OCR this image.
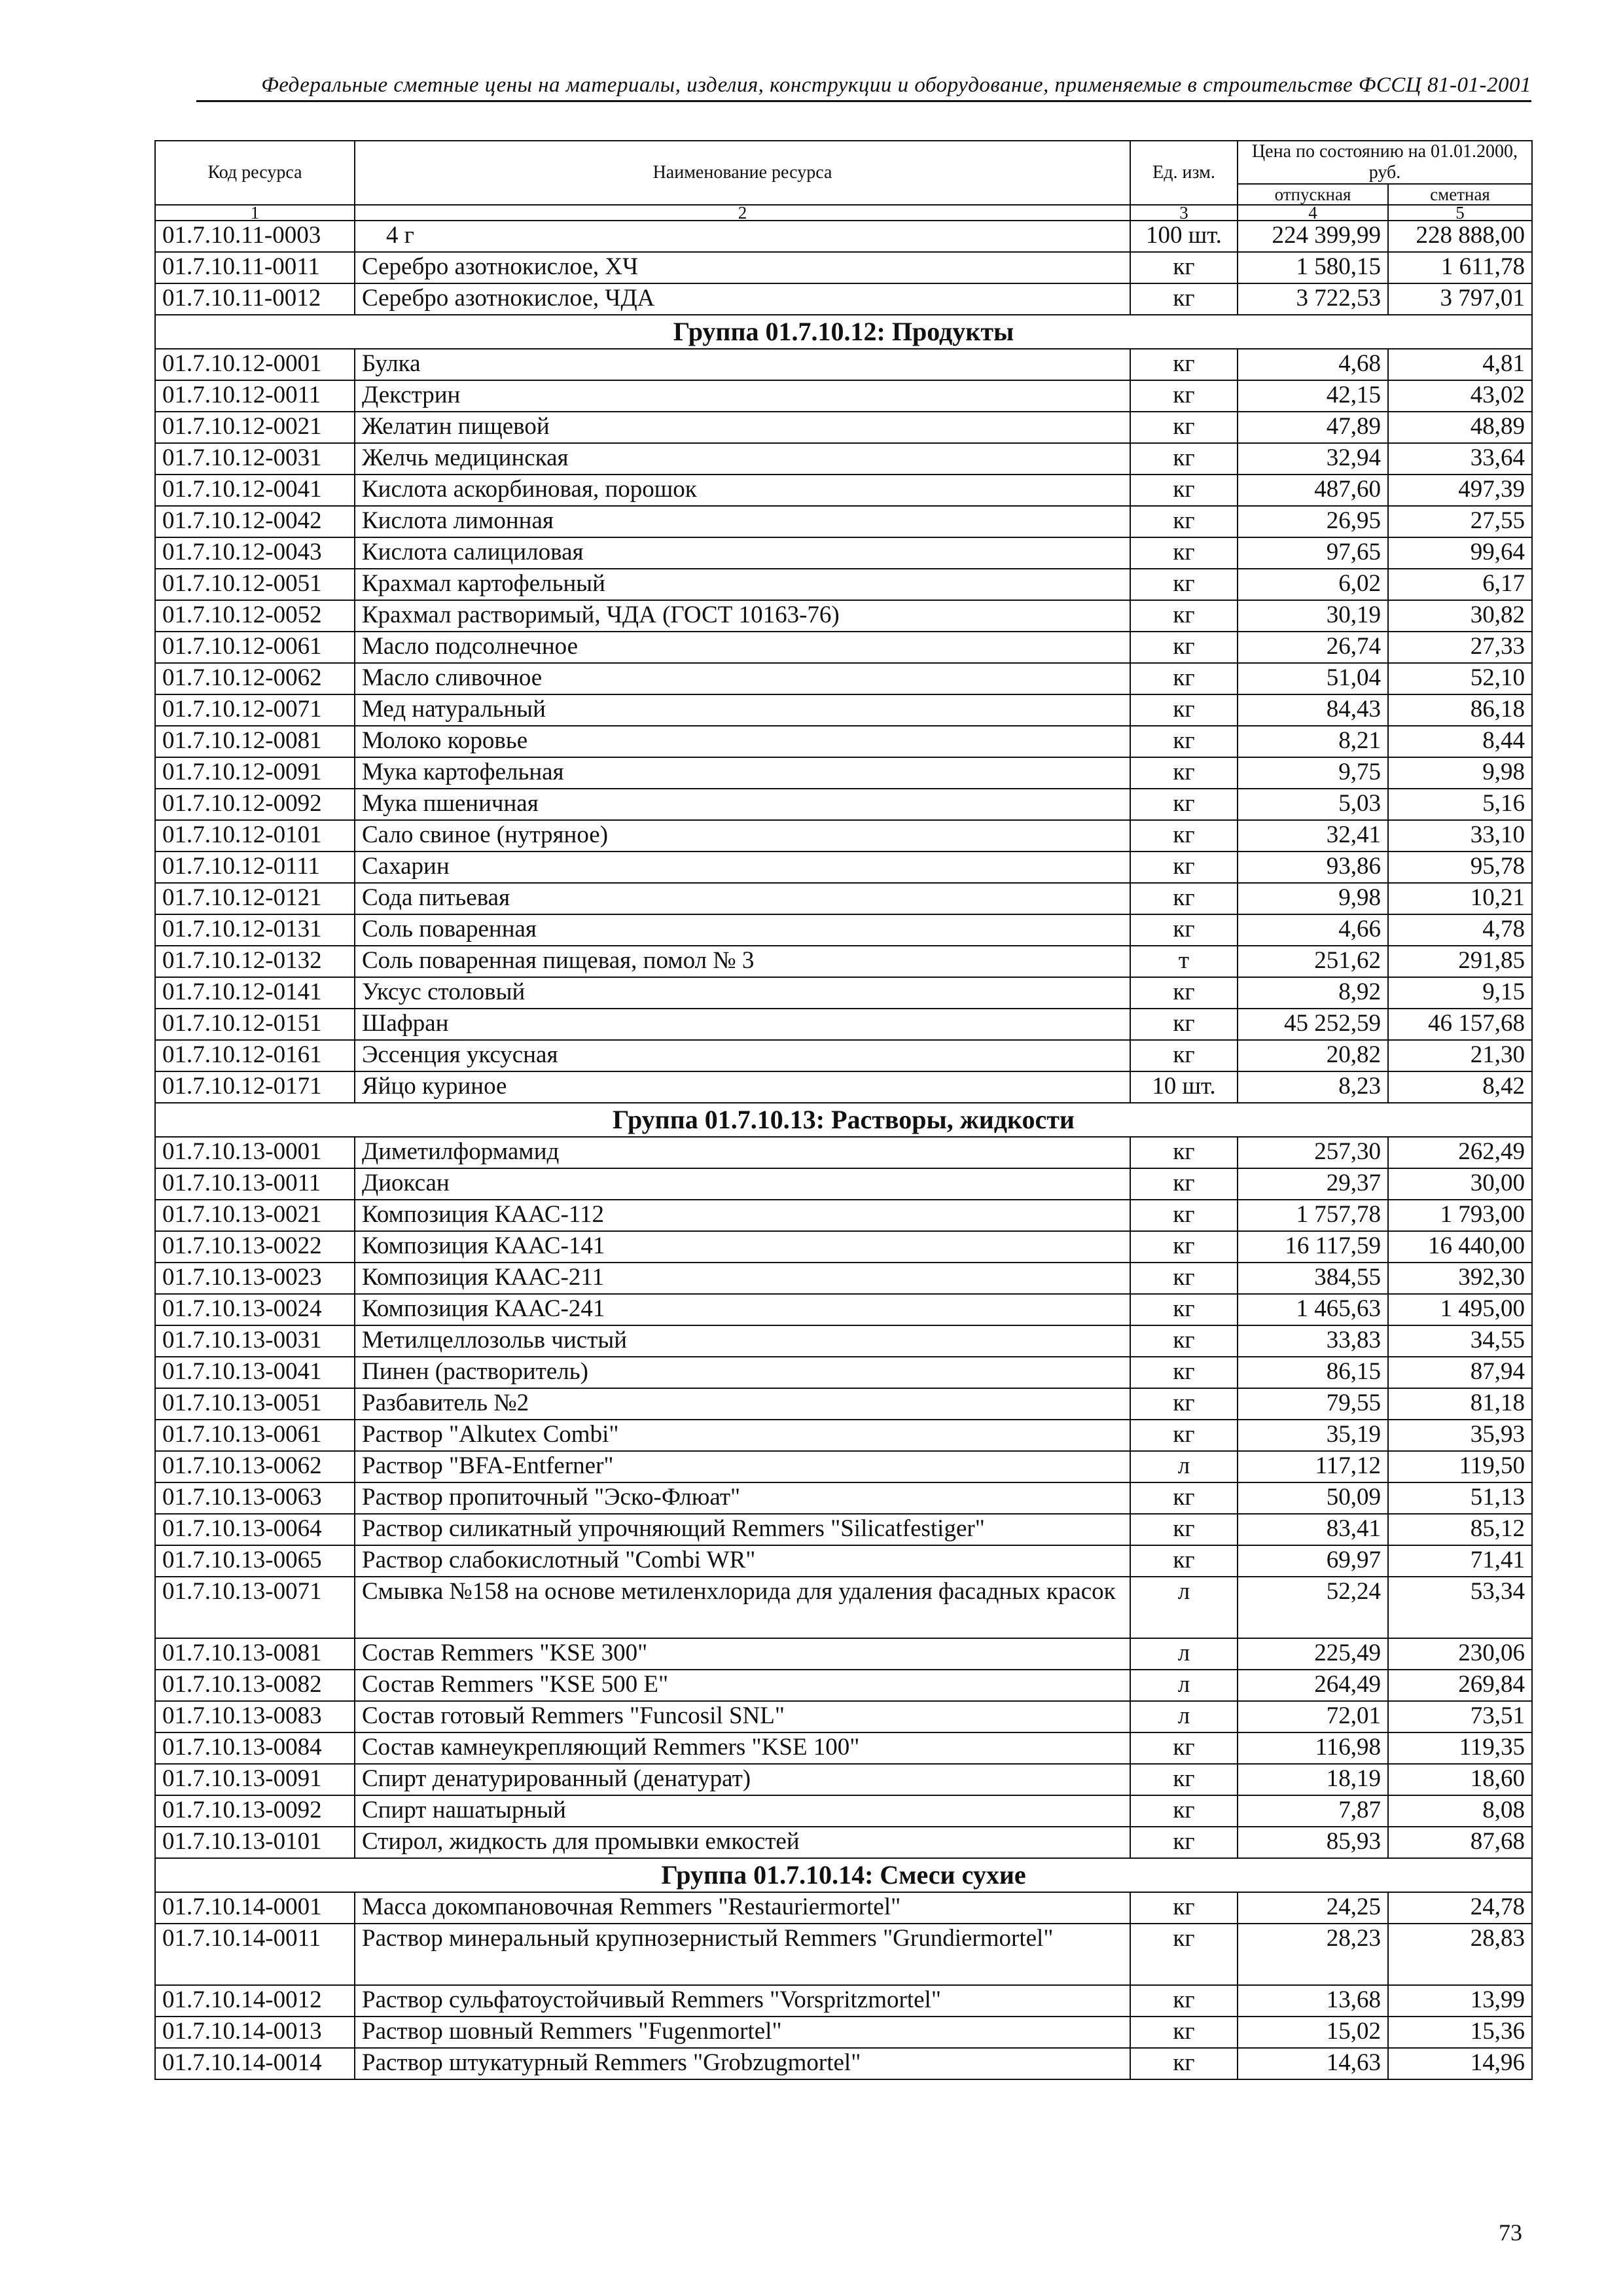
Федеральные сметные цены на материалы, изделия, конструкции и оборудование, применяемые в строительстве ФССЦ 81-01-2001
Код ресурса	Наименование ресурса	Ед. изм.	Цена по состоянию на 01.01.2000, руб.	
			отпускная	сметная
1	2	3	4	5
01.7.10.11-0003	4 г	100 шт.	224 399,99	228 888,00
01.7.10.11-0011	Серебро азотнокислое, ХЧ	кг	1 580,15	1 611,78
01.7.10.11-0012	Серебро азотнокислое, ЧДА	кг	3 722,53	3 797,01
Группа 01.7.10.12: Продукты				
01.7.10.12-0001	Булка	кг	4,68	4,81
01.7.10.12-0011	Декстрин	кг	42,15	43,02
01.7.10.12-0021	Желатин пищевой	кг	47,89	48,89
01.7.10.12-0031	Желчь медицинская	кг	32,94	33,64
01.7.10.12-0041	Кислота аскорбиновая, порошок	кг	487,60	497,39
01.7.10.12-0042	Кислота лимонная	кг	26,95	27,55
01.7.10.12-0043	Кислота салициловая	кг	97,65	99,64
01.7.10.12-0051	Крахмал картофельный	кг	6,02	6,17
01.7.10.12-0052	Крахмал растворимый, ЧДА (ГОСТ 10163-76)	кг	30,19	30,82
01.7.10.12-0061	Масло подсолнечное	кг	26,74	27,33
01.7.10.12-0062	Масло сливочное	кг	51,04	52,10
01.7.10.12-0071	Мед натуральный	кг	84,43	86,18
01.7.10.12-0081	Молоко коровье	кг	8,21	8,44
01.7.10.12-0091	Мука картофельная	кг	9,75	9,98
01.7.10.12-0092	Мука пшеничная	кг	5,03	5,16
01.7.10.12-0101	Сало свиное (нутряное)	кг	32,41	33,10
01.7.10.12-0111	Сахарин	кг	93,86	95,78
01.7.10.12-0121	Сода питьевая	кг	9,98	10,21
01.7.10.12-0131	Соль поваренная	кг	4,66	4,78
01.7.10.12-0132	Соль поваренная пищевая, помол № 3	т	251,62	291,85
01.7.10.12-0141	Уксус столовый	кг	8,92	9,15
01.7.10.12-0151	Шафран	кг	45 252,59	46 157,68
01.7.10.12-0161	Эссенция уксусная	кг	20,82	21,30
01.7.10.12-0171	Яйцо куриное	10 шт.	8,23	8,42
Группа 01.7.10.13: Растворы, жидкости				
01.7.10.13-0001	Диметилформамид	кг	257,30	262,49
01.7.10.13-0011	Диоксан	кг	29,37	30,00
01.7.10.13-0021	Композиция КААС-112	кг	1 757,78	1 793,00
01.7.10.13-0022	Композиция КААС-141	кг	16 117,59	16 440,00
01.7.10.13-0023	Композиция КААС-211	кг	384,55	392,30
01.7.10.13-0024	Композиция КААС-241	кг	1 465,63	1 495,00
01.7.10.13-0031	Метилцеллозольв чистый	кг	33,83	34,55
01.7.10.13-0041	Пинен (растворитель)	кг	86,15	87,94
01.7.10.13-0051	Разбавитель №2	кг	79,55	81,18
01.7.10.13-0061	Раствор "Alkutex Combi"	кг	35,19	35,93
01.7.10.13-0062	Раствор "BFA-Entferner"	л	117,12	119,50
01.7.10.13-0063	Раствор пропиточный "Эско-Флюат"	кг	50,09	51,13
01.7.10.13-0064	Раствор силикатный упрочняющий Remmers "Silicatfestiger"	кг	83,41	85,12
01.7.10.13-0065	Раствор слабокислотный "Combi WR"	кг	69,97	71,41
01.7.10.13-0071	Смывка №158 на основе метиленхлорида для удаления фасадных красок	л	52,24	53,34
01.7.10.13-0081	Состав Remmers "KSE 300"	л	225,49	230,06
01.7.10.13-0082	Состав Remmers "KSE 500 E"	л	264,49	269,84
01.7.10.13-0083	Состав готовый Remmers "Funcosil SNL"	л	72,01	73,51
01.7.10.13-0084	Состав камнеукрепляющий Remmers "KSE 100"	кг	116,98	119,35
01.7.10.13-0091	Спирт денатурированный (денатурат)	кг	18,19	18,60
01.7.10.13-0092	Спирт нашатырный	кг	7,87	8,08
01.7.10.13-0101	Стирол, жидкость для промывки емкостей	кг	85,93	87,68
Группа 01.7.10.14: Смеси сухие				
01.7.10.14-0001	Масса докомпановочная Remmers "Restauriermortel"	кг	24,25	24,78
01.7.10.14-0011	Раствор минеральный крупнозернистый Remmers "Grundiermortel"	кг	28,23	28,83
01.7.10.14-0012	Раствор сульфатоустойчивый Remmers "Vorspritzmortel"	кг	13,68	13,99
01.7.10.14-0013	Раствор шовный Remmers "Fugenmortel"	кг	15,02	15,36
01.7.10.14-0014	Раствор штукатурный Remmers "Grobzugmortel"	кг	14,63	14,96
73
